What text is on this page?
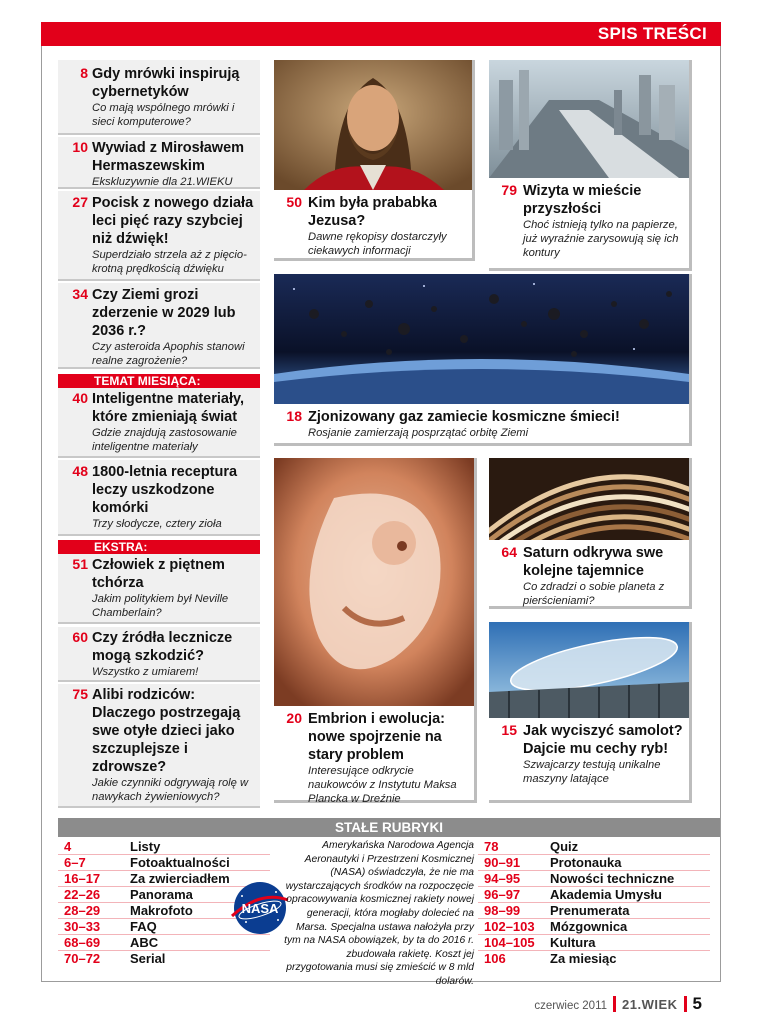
SPIS TREŚCI
8 Gdy mrówki inspirują cybernetyków
Co mają wspólnego mrówki i sieci komputerowe?
10 Wywiad z Mirosławem Hermaszewskim
Ekskluzywnie dla 21.WIEKU
27 Pocisk z nowego działa leci pięć razy szybciej niż dźwięk!
Superdziało strzela aż z pięcio-krotną prędkością dźwięku
34 Czy Ziemi grozi zderzenie w 2029 lub 2036 r.?
Czy asteroida Apophis stanowi realne zagrożenie?
TEMAT MIESIĄCA:
40 Inteligentne materiały, które zmieniają świat
Gdzie znajdują zastosowanie inteligentne materiały
48 1800-letnia receptura leczy uszkodzone komórki
Trzy słodycze, cztery zioła
EKSTRA:
51 Człowiek z piętnem tchórza
Jakim politykiem był Neville Chamberlain?
60 Czy źródła lecznicze mogą szkodzić?
Wszystko z umiarem!
75 Alibi rodziców: Dlaczego postrzegają swe otyłe dzieci jako szczuplejsze i zdrowsze?
Jakie czynniki odgrywają rolę w nawykach żywieniowych?
50 Kim była prababka Jezusa?
Dawne rękopisy dostarczyły ciekawych informacji
79 Wizyta w mieście przyszłości
Choć istnieją tylko na papierze, już wyraźnie zarysowują się ich kontury
18 Zjonizowany gaz zamiecie kosmiczne śmieci!
Rosjanie zamierzają posprzątać orbitę Ziemi
64 Saturn odkrywa swe kolejne tajemnice
Co zdradzi o sobie planeta z pierścieniami?
20 Embrion i ewolucja: nowe spojrzenie na stary problem
Interesujące odkrycie naukowców z Instytutu Maksa Plancka w Dreźnie
15 Jak wyciszyć samolot? Dajcie mu cechy ryb!
Szwajcarzy testują unikalne maszyny latające
STAŁE RUBRYKI
4	Listy
6–7	Fotoaktualności
16–17 Za zwierciadłem
22–26 Panorama
28–29 Makrofoto
30–33 FAQ
68–69 ABC
70–72 Serial
NASA
Amerykańska Narodowa Agencja Aeronautyki i Przestrzeni Kosmicznej (NASA) oświadczyła, że nie ma wystarczających środków na rozpoczęcie opracowywania kosmicznej rakiety nowej generacji, która mogłaby dolecieć na Marsa. Specjalna ustawa nałożyła przy tym na NASA obowiązek, by ta do 2016 r. zbudowała rakietę. Koszt jej przygotowania musi się zmieścić w 8 mld dolarów.
78	Quiz
90–91 Protonauka
94–95 Nowości techniczne
96–97 Akademia Umysłu
98–99 Prenumerata
102–103 Mózgownica
104–105 Kultura
106	Za miesiąc
czerwiec 2011 21.WIEK 5
